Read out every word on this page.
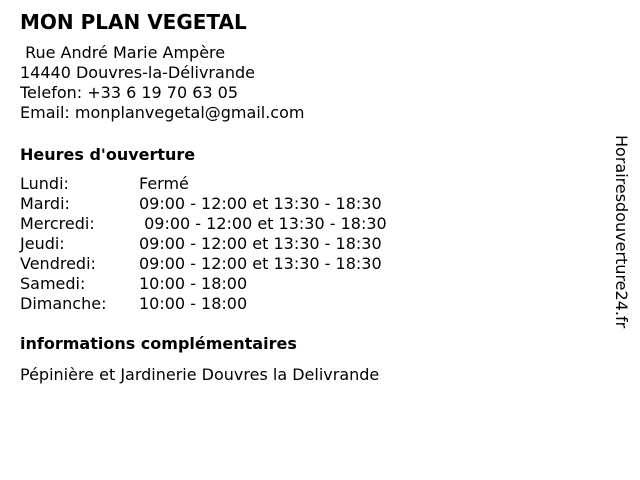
MON PLAN VEGETAL
Rue André Marie Ampère
14440 Douvres-la-Délivrande
Telefon: +33 6 19 70 63 05
Email: monplanvegetal@gmail.com
Heures d'ouverture

Lundi:

	Fermé

Mardi:

	09:00 - 12:00 et 13:30 - 18:30

Mercredi:

	09:00 - 12:00 et 13:30 - 18:30

Jeudi:

	09:00 - 12:00 et 13:30 - 18:30

Vendredi:

	09:00 - 12:00 et 13:30 - 18:30

Samedi:

	10:00 - 18:00

Dimanche:

10:00 - 18:00

informations complémentaires
Pépinière et Jardinerie Douvres la Delivrande
Horairesdouverture24.fr
